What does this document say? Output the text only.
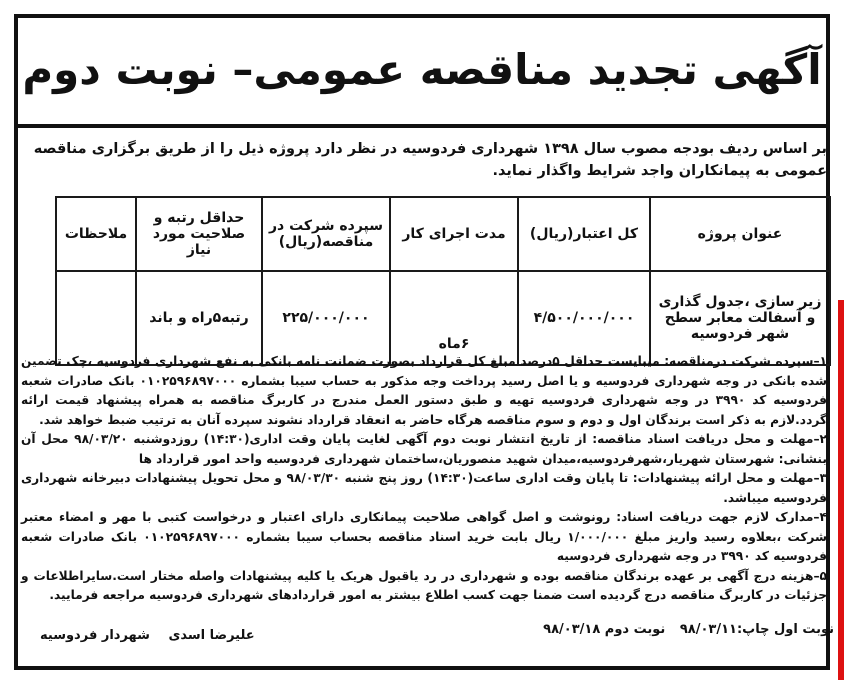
آگهی تجدید مناقصه عمومی– نوبت دوم
بر اساس ردیف بودجه مصوب سال ۱۳۹۸ شهرداری فردوسیه در نظر دارد پروژه ذیل را از طریق برگزاری مناقصه عمومی به پیمانکاران واجد شرایط واگذار نماید.
عنوان پروژه	کل اعتبار(ریال)	مدت اجرای کار	سپرده شرکت در مناقصه(ریال)	حداقل رتبه و صلاحیت مورد نیاز	ملاحظات
زیر سازی ،جدول گذاری و آسفالت معابر سطح شهر فردوسیه	۴/۵۰۰/۰۰۰/۰۰۰	۶ماه	۲۲۵/۰۰۰/۰۰۰	رتبه۵راه و باند	

۱–سپرده شرکت درمناقصه: میبایست حداقل ۵درصد مبلغ کل قرارداد بصورت ضمانت نامه بانکی به نفع شهرداری فردوسیه ،چک تضمین شده بانکی در وجه شهرداری فردوسیه و یا اصل رسید پرداخت وجه مذکور به حساب سیبا بشماره ۰۱۰۲۵۹۶۸۹۷۰۰۰ بانک صادرات شعبه فردوسیه کد ۳۹۹۰ در وجه شهرداری فردوسیه تهیه و طبق دستور العمل مندرج در کاربرگ مناقصه به همراه پیشنهاد قیمت ارائه گردد.لازم به ذکر است برندگان اول و دوم و سوم مناقصه هرگاه حاضر به انعقاد قرارداد نشوند سپرده آنان به ترتیب ضبط خواهد شد.

۲–مهلت و محل دریافت اسناد مناقصه: از تاریخ انتشار نوبت دوم آگهی لغایت پایان وقت اداری(۱۴:۳۰) روزدوشنبه ۹۸/۰۳/۲۰ محل آن بنشانی: شهرستان شهریار،شهرفردوسیه،میدان شهید منصوریان،ساختمان شهرداری فردوسیه واحد امور قرارداد ها

۳–مهلت و محل ارائه پیشنهادات: تا پایان وقت اداری ساعت(۱۴:۳۰) روز پنج شنبه ۹۸/۰۳/۳۰ و محل تحویل پیشنهادات دبیرخانه شهرداری فردوسیه میباشد.

۴–مدارک لازم جهت دریافت اسناد: رونوشت و اصل گواهی صلاحیت پیمانکاری دارای اعتبار و درخواست کتبی با مهر و امضاء معتبر شرکت ،بعلاوه رسید واریز مبلغ ۱/۰۰۰/۰۰۰ ریال بابت خرید اسناد مناقصه بحساب سیبا بشماره ۰۱۰۲۵۹۶۸۹۷۰۰۰ بانک صادرات شعبه فردوسیه کد ۳۹۹۰ در وجه شهرداری فردوسیه

۵–هزینه درج آگهی بر عهده برندگان مناقصه بوده و شهرداری در رد یاقبول هریک یا کلیه پیشنهادات واصله مختار است.سایراطلاعات و جزئیات در کاربرگ مناقصه درج گردیده است ضمنا جهت کسب اطلاع بیشتر به امور قراردادهای شهرداری فردوسیه مراجعه فرمایید.

نوبت اول چاپ:۹۸/۰۳/۱۱ نوبت دوم ۹۸/۰۳/۱۸
علیرضا اسدی شهردار فردوسیه
